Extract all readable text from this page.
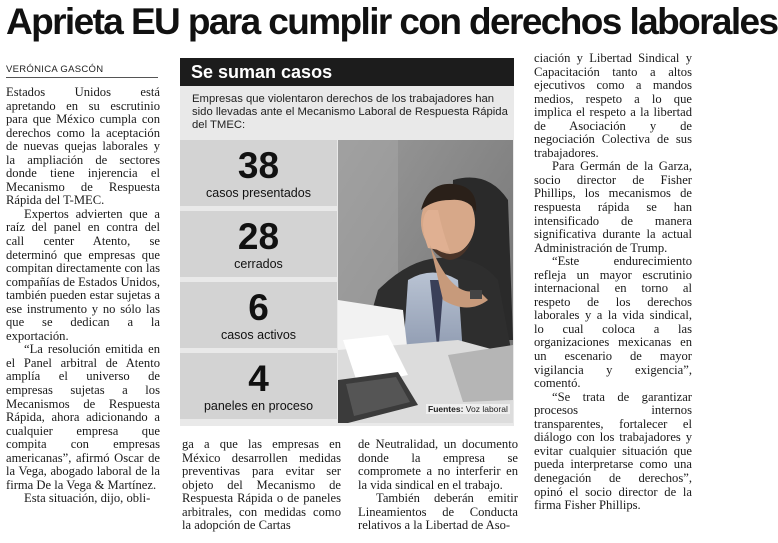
Aprieta EU para cumplir con derechos laborales
VERÓNICA GASCÓN

Estados Unidos está apretando en su escrutinio para que México cumpla con derechos como la aceptación de nuevas quejas laborales y la ampliación de sectores donde tiene injerencia el Mecanismo de Respuesta Rápida del T-MEC.

Expertos advierten que a raíz del panel en contra del call center Atento, se determinó que empresas que compitan directamente con las compañías de Estados Unidos, también pueden estar sujetas a ese instrumento y no sólo las que se dedican a la exportación.

“La resolución emitida en el Panel arbitral de Atento amplía el universo de empresas sujetas a los Mecanismos de Respuesta Rápida, ahora adicionando a cualquier empresa que compita con empresas americanas”, afirmó Oscar de la Vega, abogado laboral de la firma De la Vega & Martínez.

Esta situación, dijo, obli-

Se suman casos
Empresas que violentaron derechos de los trabajadores han sido llevadas ante el Mecanismo Laboral de Respuesta Rápida del TMEC:
38
casos presentados
28
cerrados
6
casos activos
4
paneles en proceso	Fuentes: Voz laboral

ga a que las empresas en México desarrollen medidas preventivas para evitar ser objeto del Mecanismo de Respuesta Rápida o de paneles arbitrales, con medidas como la adopción de Cartas

de Neutralidad, un documento donde la empresa se compromete a no interferir en la vida sindical en el trabajo.

También deberán emitir Lineamientos de Conducta relativos a la Libertad de Aso-

ciación y Libertad Sindical y Capacitación tanto a altos ejecutivos como a mandos medios, respeto a lo que implica el respeto a la libertad de Asociación y de negociación Colectiva de sus trabajadores.

Para Germán de la Garza, socio director de Fisher Phillips, los mecanismos de respuesta rápida se han intensificado de manera significativa durante la actual Administración de Trump.

“Este endurecimiento refleja un mayor escrutinio internacional en torno al respeto de los derechos laborales y a la vida sindical, lo cual coloca a las organizaciones mexicanas en un escenario de mayor vigilancia y exigencia”, comentó.

“Se trata de garantizar procesos internos transparentes, fortalecer el diálogo con los trabajadores y evitar cualquier situación que pueda interpretarse como una denegación de derechos”, opinó el socio director de la firma Fisher Phillips.
